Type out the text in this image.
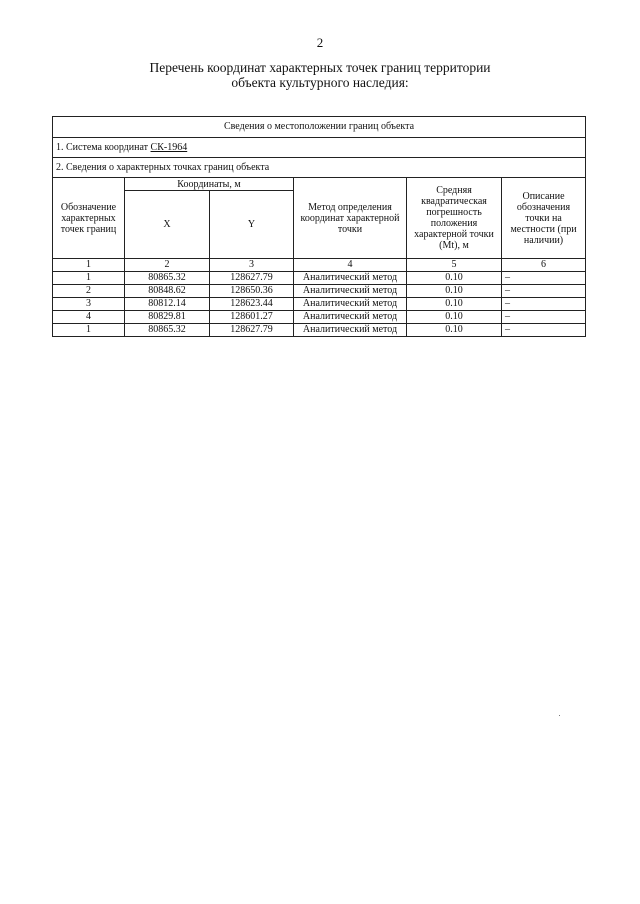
2
Перечень координат характерных точек границ территории
объекта культурного наследия:
Сведения о местоположении границ объекта					
1. Система координат СК-1964					
2. Сведения о характерных точках границ объекта					
Обозначение характерных точек границ	Координаты, м		Метод определения координат характерной точки	Средняя квадратическая погрешность положения характерной точки (Mt), м	Описание обозначения точки на местности (при наличии)
	X	Y			
1	2	3	4	5	6
1	80865.32	128627.79	Аналитический метод	0.10	–
2	80848.62	128650.36	Аналитический метод	0.10	–
3	80812.14	128623.44	Аналитический метод	0.10	–
4	80829.81	128601.27	Аналитический метод	0.10	–
1	80865.32	128627.79	Аналитический метод	0.10	–
